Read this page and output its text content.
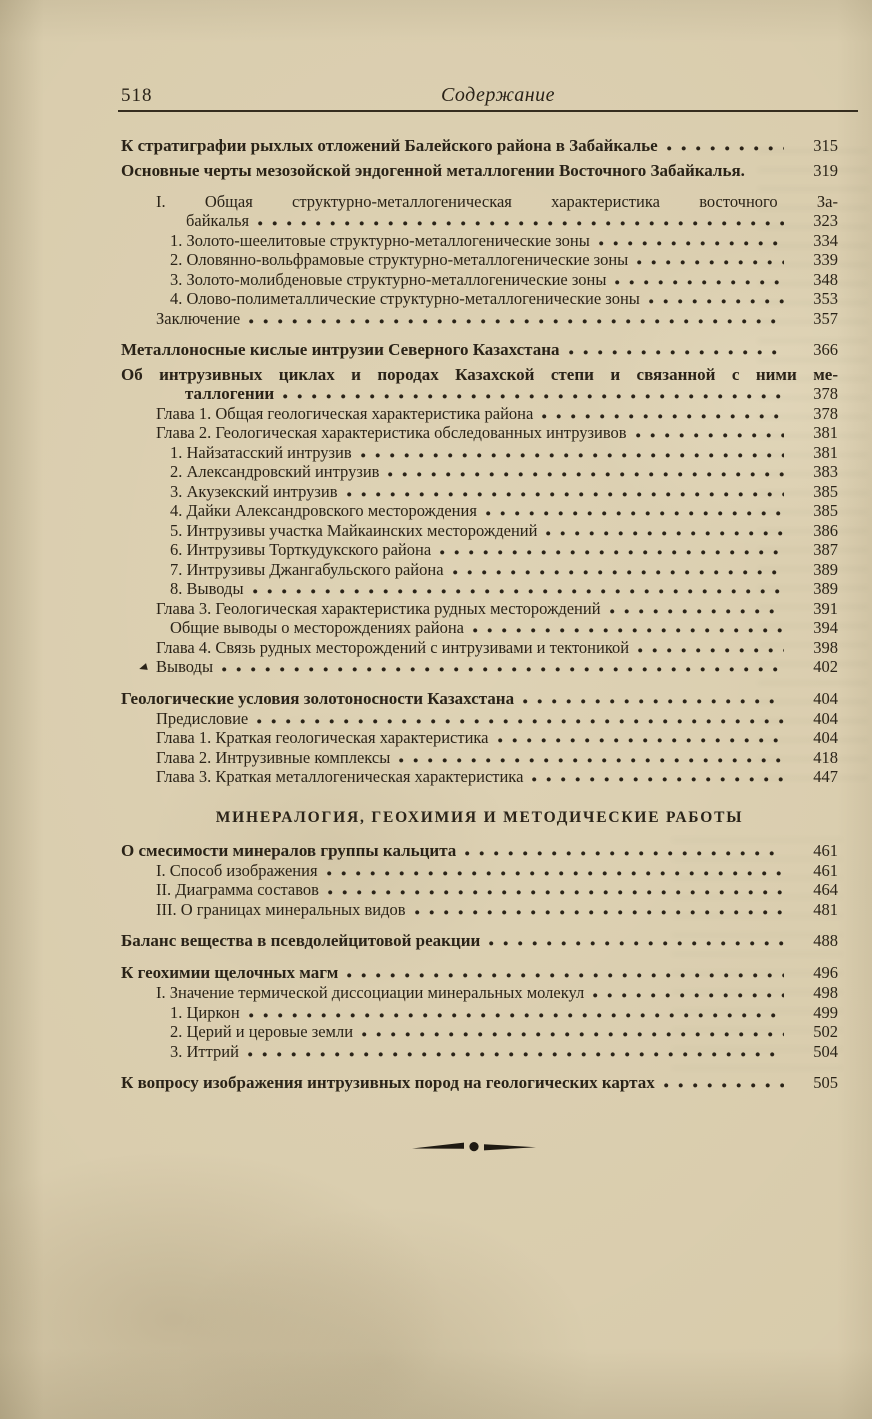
518	Содержание
К стратиграфии рыхлых отложений Балейского района в Забайкалье	315
Основные черты мезозойской эндогенной металлогении Восточного Забайкалья.	319
I. Общая структурно-металлогеническая характеристика восточного За-
байкалья	323
1. Золото-шеелитовые структурно-металлогенические зоны	334
2. Оловянно-вольфрамовые структурно-металлогенические зоны	339
3. Золото-молибденовые структурно-металлогенические зоны	348
4. Олово-полиметаллические структурно-металлогенические зоны	353
Заключение	357
Металлоносные кислые интрузии Северного Казахстана	366
Об интрузивных циклах и породах Казахской степи и связанной с ними ме-
таллогении	378
Глава 1. Общая геологическая характеристика района	378
Глава 2. Геологическая характеристика обследованных интрузивов	381
1. Найзатасский интрузив	381
2. Александровский интрузив	383
3. Акузекский интрузив	385
4. Дайки Александровского месторождения	385
5. Интрузивы участка Майкаинских месторождений	386
6. Интрузивы Торткудукского района	387
7. Интрузивы Джангабульского района	389
8. Выводы	389
Глава 3. Геологическая характеристика рудных месторождений	391
Общие выводы о месторождениях района	394
Глава 4. Связь рудных месторождений с интрузивами и тектоникой	398
Выводы	402
Геологические условия золотоносности Казахстана	404
Предисловие	404
Глава 1. Краткая геологическая характеристика	404
Глава 2. Интрузивные комплексы	418
Глава 3. Краткая металлогеническая характеристика	447
МИНЕРАЛОГИЯ, ГЕОХИМИЯ И МЕТОДИЧЕСКИЕ РАБОТЫ
О смесимости минералов группы кальцита	461
I. Способ изображения	461
II. Диаграмма составов	464
III. О границах минеральных видов	481
Баланс вещества в псевдолейцитовой реакции	488
К геохимии щелочных магм	496
I. Значение термической диссоциации минеральных молекул	498
1. Циркон	499
2. Церий и церовые земли	502
3. Иттрий	504
К вопросу изображения интрузивных пород на геологических картах	505
